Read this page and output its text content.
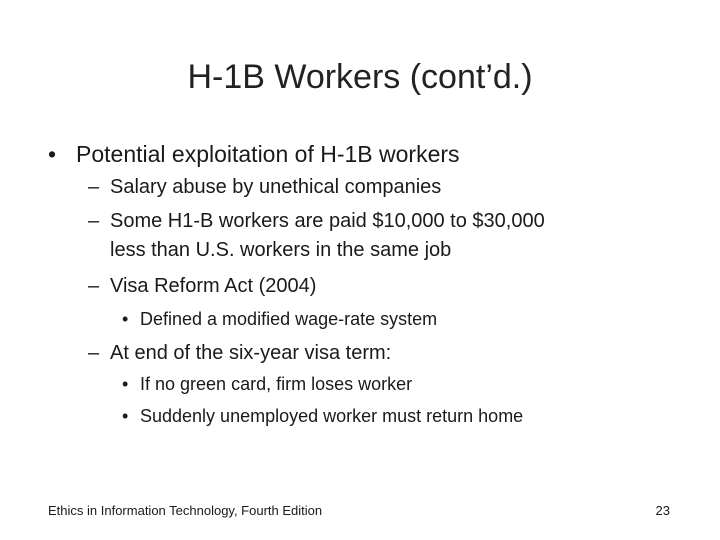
H-1B Workers (cont’d.)
• Potential exploitation of H-1B workers
– Salary abuse by unethical companies
– Some H1-B workers are paid $10,000 to $30,000
less than U.S. workers in the same job
– Visa Reform Act (2004)
• Defined a modified wage-rate system
– At end of the six-year visa term:
• If no green card, firm loses worker
• Suddenly unemployed worker must return home
Ethics in Information Technology, Fourth Edition	23
